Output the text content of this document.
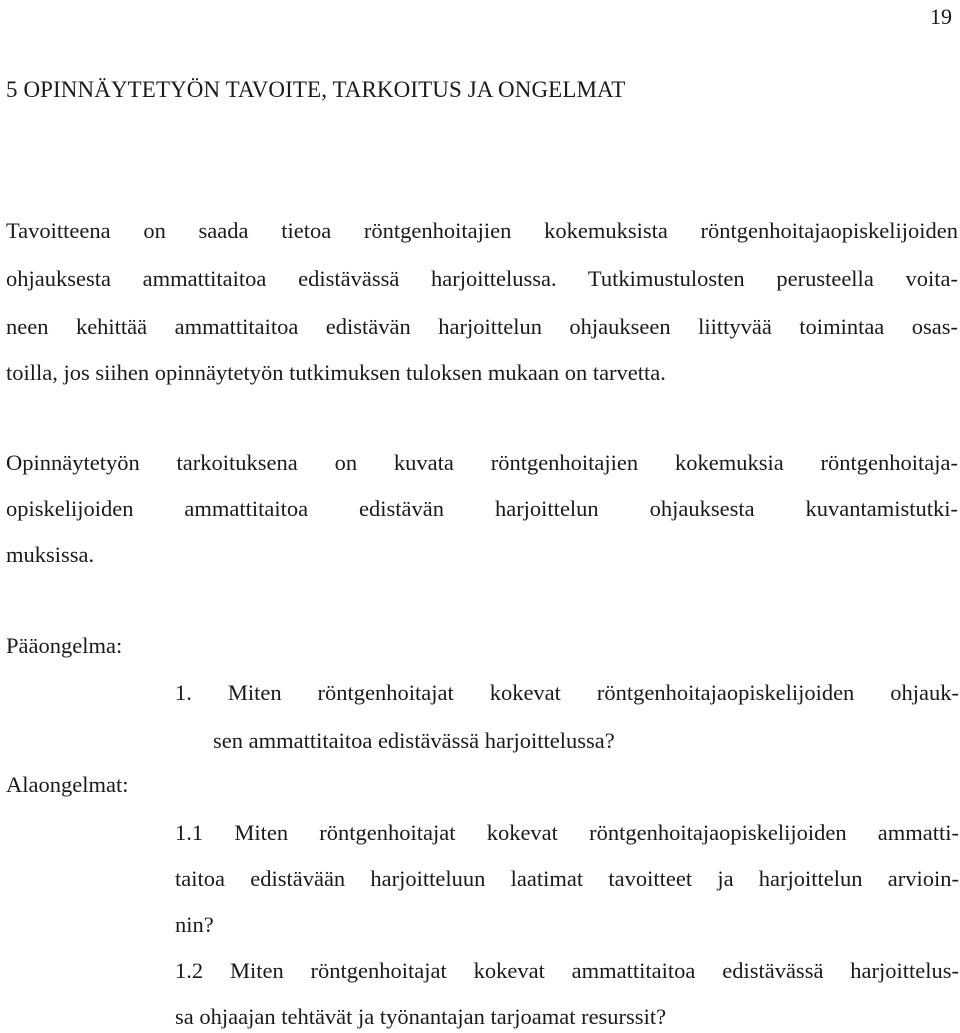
19
5 OPINNÄYTETYÖN TAVOITE, TARKOITUS JA ONGELMAT
Tavoitteena on saada tietoa röntgenhoitajien kokemuksista röntgenhoitajaopiskelijoiden
ohjauksesta ammattitaitoa edistävässä harjoittelussa. Tutkimustulosten perusteella voita-
neen kehittää ammattitaitoa edistävän harjoittelun ohjaukseen liittyvää toimintaa osas-
toilla, jos siihen opinnäytetyön tutkimuksen tuloksen mukaan on tarvetta.
Opinnäytetyön tarkoituksena on kuvata röntgenhoitajien kokemuksia röntgenhoitaja-
opiskelijoiden ammattitaitoa edistävän harjoittelun ohjauksesta kuvantamistutki-
muksissa.
Pääongelma:
1. Miten röntgenhoitajat kokevat röntgenhoitajaopiskelijoiden ohjauk-
sen ammattitaitoa edistävässä harjoittelussa?
Alaongelmat:
1.1 Miten röntgenhoitajat kokevat röntgenhoitajaopiskelijoiden ammatti-
taitoa edistävään harjoitteluun laatimat tavoitteet ja harjoittelun arvioin-
nin?
1.2 Miten röntgenhoitajat kokevat ammattitaitoa edistävässä harjoittelus-
sa ohjaajan tehtävät ja työnantajan tarjoamat resurssit?
